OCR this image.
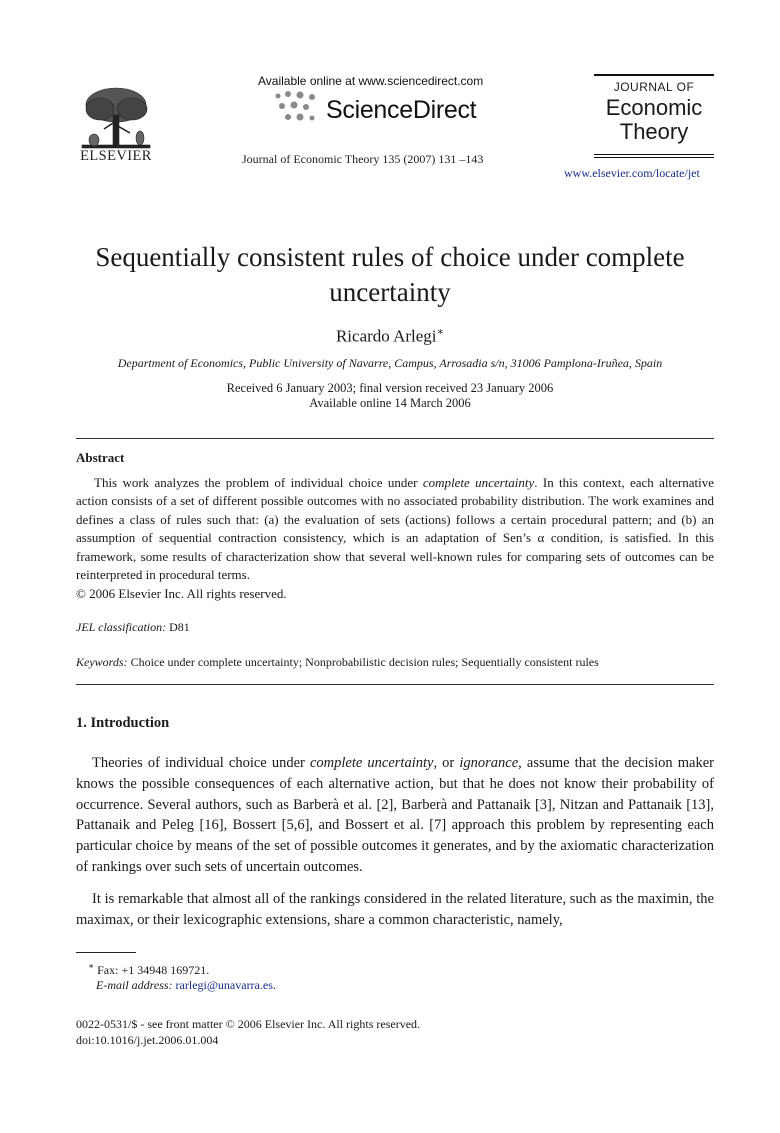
ELSEVIER
Available online at www.sciencedirect.com
ScienceDirect
Journal of Economic Theory 135 (2007) 131 –143
JOURNAL OF
Economic
Theory
www.elsevier.com/locate/jet
Sequentially consistent rules of choice under complete uncertainty
Ricardo Arlegi∗
Department of Economics, Public University of Navarre, Campus, Arrosadia s/n, 31006 Pamplona-Iruñea, Spain
Received 6 January 2003; final version received 23 January 2006
Available online 14 March 2006
Abstract
This work analyzes the problem of individual choice under complete uncertainty. In this context, each alternative action consists of a set of different possible outcomes with no associated probability distribution. The work examines and defines a class of rules such that: (a) the evaluation of sets (actions) follows a certain procedural pattern; and (b) an assumption of sequential contraction consistency, which is an adaptation of Sen’s α condition, is satisfied. In this framework, some results of characterization show that several well-known rules for comparing sets of outcomes can be reinterpreted in procedural terms.
© 2006 Elsevier Inc. All rights reserved.
JEL classification: D81
Keywords: Choice under complete uncertainty; Nonprobabilistic decision rules; Sequentially consistent rules
1. Introduction
Theories of individual choice under complete uncertainty, or ignorance, assume that the decision maker knows the possible consequences of each alternative action, but that he does not know their probability of occurrence. Several authors, such as Barberà et al. [2], Barberà and Pattanaik [3], Nitzan and Pattanaik [13], Pattanaik and Peleg [16], Bossert [5,6], and Bossert et al. [7] approach this problem by representing each particular choice by means of the set of possible outcomes it generates, and by the axiomatic characterization of rankings over such sets of uncertain outcomes.
It is remarkable that almost all of the rankings considered in the related literature, such as the maximin, the maximax, or their lexicographic extensions, share a common characteristic, namely,
∗ Fax: +1 34948 169721.
E-mail address: rarlegi@unavarra.es.
0022-0531/$ - see front matter © 2006 Elsevier Inc. All rights reserved.
doi:10.1016/j.jet.2006.01.004
